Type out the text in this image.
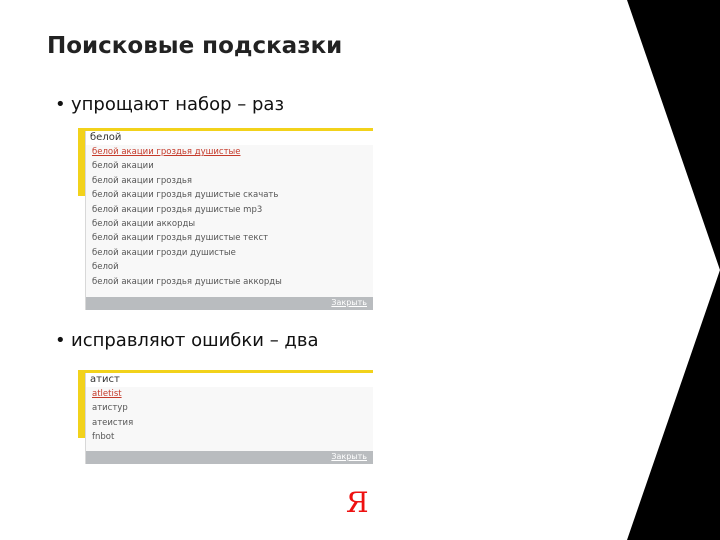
Поисковые подсказки
• упрощают набор – раз
белой
белой акации гроздья душистые
белой акации
белой акации гроздья
белой акации гроздья душистые скачать
белой акации гроздья душистые mp3
белой акации аккорды
белой акации гроздья душистые текст
белой акации грозди душистые
белой
белой акации гроздья душистые аккорды
Закрыть
• исправляют ошибки – два
атист
atletist
атистур
атеистия
fnbot
Закрыть
Я
